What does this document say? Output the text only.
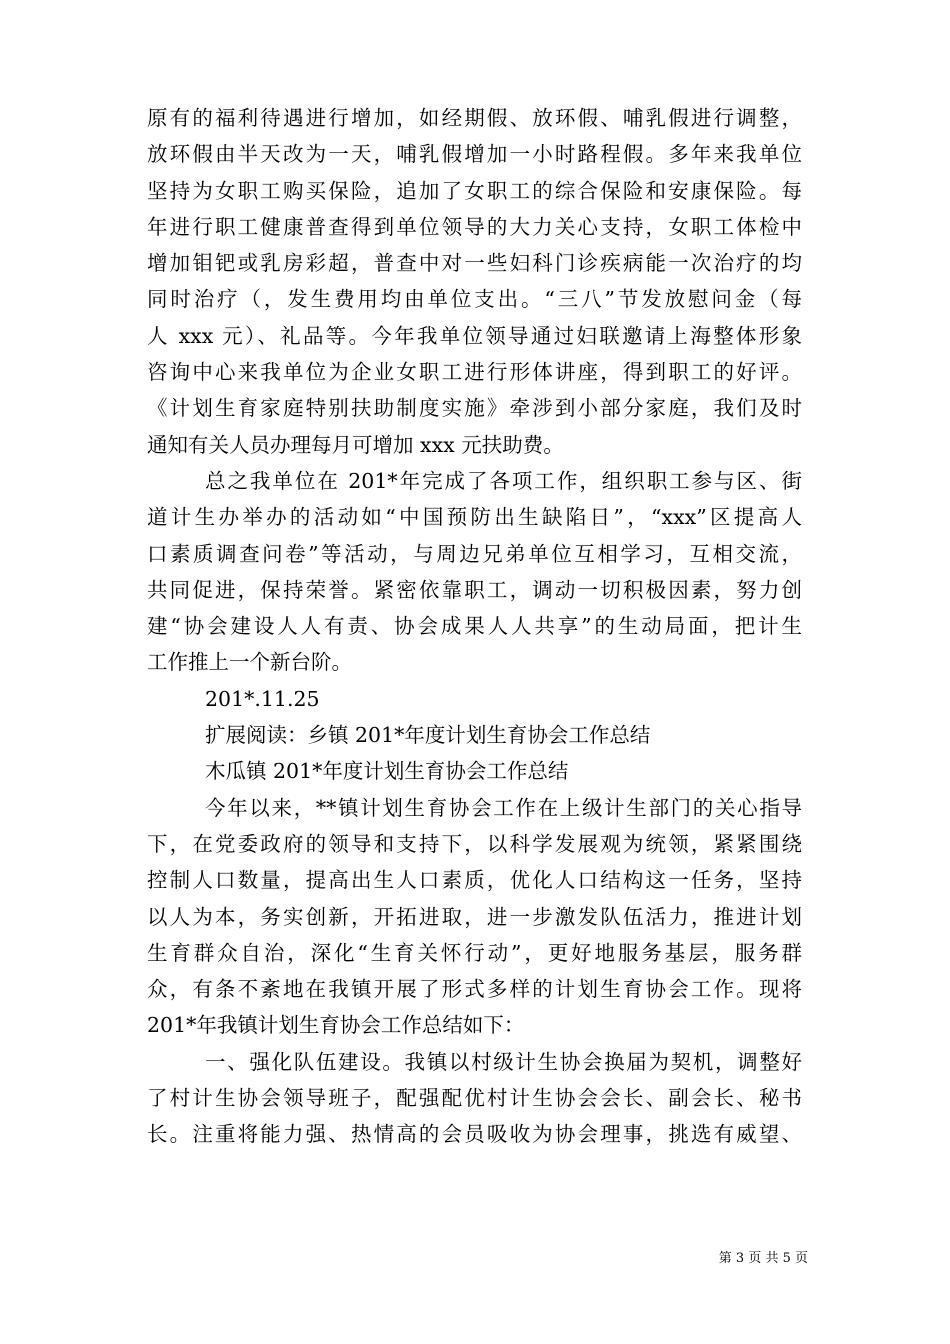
原有的福利待遇进行增加，如经期假、放环假、哺乳假进行调整，
放环假由半天改为一天，哺乳假增加一小时路程假。多年来我单位
坚持为女职工购买保险，追加了女职工的综合保险和安康保险。每
年进行职工健康普查得到单位领导的大力关心支持，女职工体检中
增加钼钯或乳房彩超，普查中对一些妇科门诊疾病能一次治疗的均
同时治疗（，发生费用均由单位支出。“三八”节发放慰问金（每
人 xxx 元）、礼品等。今年我单位领导通过妇联邀请上海整体形象
咨询中心来我单位为企业女职工进行形体讲座，得到职工的好评。
《计划生育家庭特别扶助制度实施》牵涉到小部分家庭，我们及时
通知有关人员办理每月可增加 xxx 元扶助费。
总之我单位在 201*年完成了各项工作，组织职工参与区、街
道计生办举办的活动如“中国预防出生缺陷日”，“xxx”区提高人
口素质调查问卷”等活动，与周边兄弟单位互相学习，互相交流，
共同促进，保持荣誉。紧密依靠职工，调动一切积极因素，努力创
建“协会建设人人有责、协会成果人人共享”的生动局面，把计生
工作推上一个新台阶。
201*.11.25
扩展阅读：乡镇 201*年度计划生育协会工作总结
木瓜镇 201*年度计划生育协会工作总结
今年以来，**镇计划生育协会工作在上级计生部门的关心指导
下，在党委政府的领导和支持下，以科学发展观为统领，紧紧围绕
控制人口数量，提高出生人口素质，优化人口结构这一任务，坚持
以人为本，务实创新，开拓进取，进一步激发队伍活力，推进计划
生育群众自治，深化“生育关怀行动”，更好地服务基层，服务群
众，有条不紊地在我镇开展了形式多样的计划生育协会工作。现将
201*年我镇计划生育协会工作总结如下：
一、强化队伍建设。我镇以村级计生协会换届为契机，调整好
了村计生协会领导班子，配强配优村计生协会会长、副会长、秘书
长。注重将能力强、热情高的会员吸收为协会理事，挑选有威望、
第 3 页 共 5 页
